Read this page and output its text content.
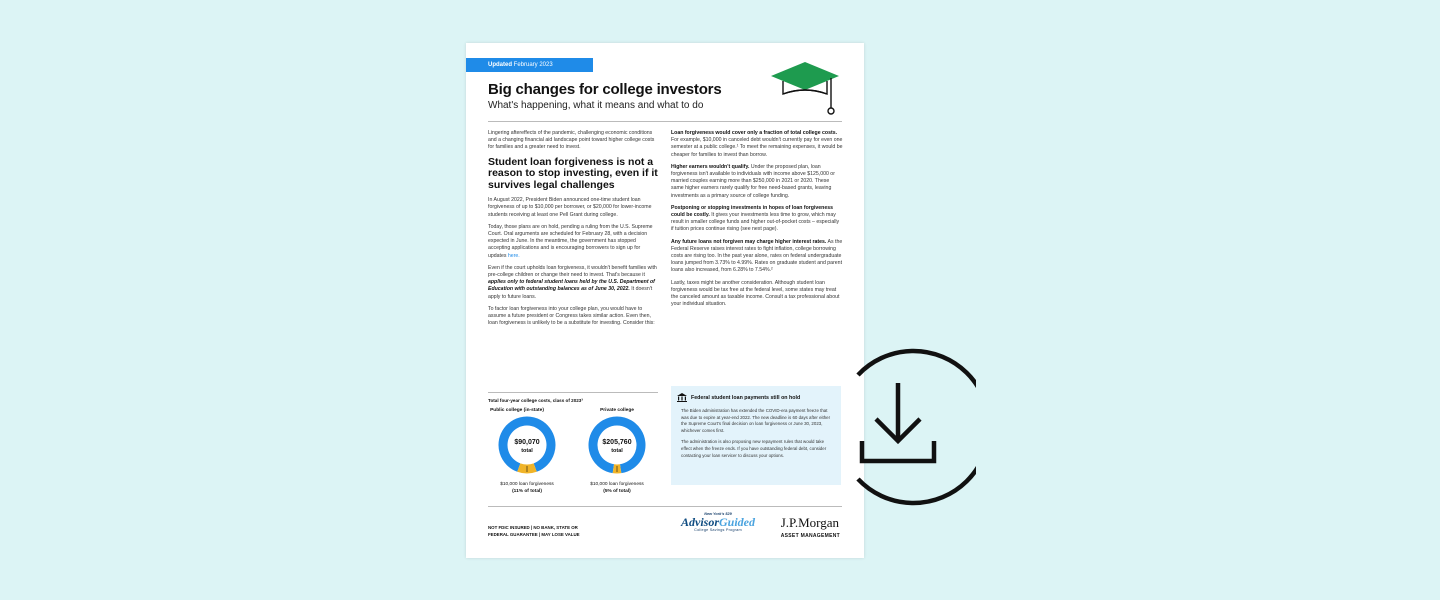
Updated February 2023
Big changes for college investors
What's happening, what it means and what to do

Lingering aftereffects of the pandemic, challenging economic conditions and a changing financial aid landscape point toward higher college costs for families and a greater need to invest.

Student loan forgiveness is not a reason to stop investing, even if it survives legal challenges

In August 2022, President Biden announced one-time student loan forgiveness of up to $10,000 per borrower, or $20,000 for lower-income students receiving at least one Pell Grant during college.

Today, those plans are on hold, pending a ruling from the U.S. Supreme Court. Oral arguments are scheduled for February 28, with a decision expected in June. In the meantime, the government has stopped accepting applications and is encouraging borrowers to sign up for updates here.

Even if the court upholds loan forgiveness, it wouldn't benefit families with pre-college children or change their need to invest. That's because it applies only to federal student loans held by the U.S. Department of Education with outstanding balances as of June 30, 2022. It doesn't apply to future loans.

To factor loan forgiveness into your college plan, you would have to assume a future president or Congress takes similar action. Even then, loan forgiveness is unlikely to be a substitute for investing. Consider this:

Loan forgiveness would cover only a fraction of total college costs. For example, $10,000 in canceled debt wouldn't currently pay for even one semester at a public college.¹ To meet the remaining expenses, it would be cheaper for families to invest than borrow.

Higher earners wouldn't qualify. Under the proposed plan, loan forgiveness isn't available to individuals with income above $125,000 or married couples earning more than $250,000 in 2021 or 2020. These same higher earners rarely qualify for free need-based grants, leaving investments as a primary source of college funding.

Postponing or stopping investments in hopes of loan forgiveness could be costly. It gives your investments less time to grow, which may result in smaller college funds and higher out-of-pocket costs – especially if tuition prices continue rising (see next page).

Any future loans not forgiven may charge higher interest rates. As the Federal Reserve raises interest rates to fight inflation, college borrowing costs are rising too. In the past year alone, rates on federal undergraduate loans jumped from 3.73% to 4.99%. Rates on graduate student and parent loans also increased, from 6.28% to 7.54%.²

Lastly, taxes might be another consideration. Although student loan forgiveness would be tax free at the federal level, some states may treat the canceled amount as taxable income. Consult a tax professional about your individual situation.

Total four-year college costs, class of 2023³
Public college (in-state)	Private college
$90,070
total
$205,760
total
$10,000 loan forgiveness
(11% of total)
$10,000 loan forgiveness
(5% of total)
Federal student loan payments still on hold

The Biden administration has extended the COVID-era payment freeze that was due to expire at year-end 2022. The new deadline is 60 days after either the Supreme Court's final decision on loan forgiveness or June 30, 2023, whichever comes first.

The administration is also proposing new repayment rules that would take effect when the freeze ends. If you have outstanding federal debt, consider contacting your loan servicer to discuss your options.

NOT FDIC INSURED | NO BANK, STATE OR
FEDERAL GUARANTEE | MAY LOSE VALUE
New York's 529
AdvisorGuided
College Savings Program	J.P.Morgan
ASSET MANAGEMENT
